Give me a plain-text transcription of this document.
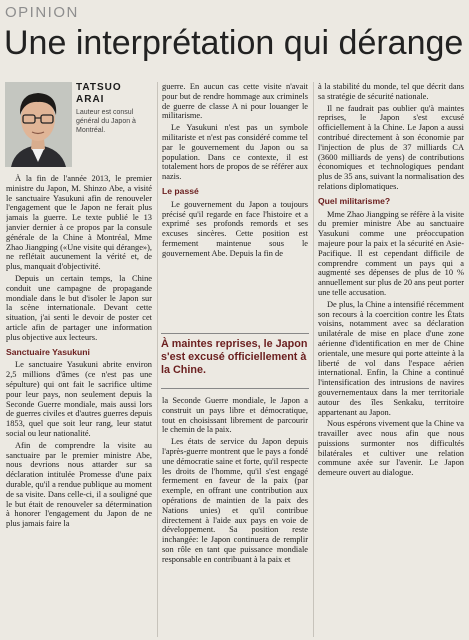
OPINION
Une interprétation qui dérange
TATSUO
ARAI
Lauteur est consul général du Japon à Montréal.

À la fin de l'année 2013, le premier ministre du Japon, M. Shinzo Abe, a visité le sanctuaire Yasukuni afin de renouveler l'engagement que le Japon ne ferait plus jamais la guerre. Le texte publié le 13 janvier dernier à ce propos par la consule générale de la Chine à Montréal, Mme Zhao Jiangping («Une visite qui dérange»), ne reflétait aucunement la vérité et, de plus, manquait d'objectivité.

Depuis un certain temps, la Chine conduit une campagne de propagande mondiale dans le but d'isoler le Japon sur la scène internationale. Devant cette situation, j'ai senti le devoir de poster cet article afin de partager une information plus objective aux lecteurs.

Sanctuaire Yasukuni

Le sanctuaire Yasukuni abrite environ 2,5 millions d'âmes (ce n'est pas une sépulture) qui ont fait le sacrifice ultime pour leur pays, non seulement depuis la Seconde Guerre mondiale, mais aussi lors de guerres civiles et d'autres guerres depuis 1853, quel que soit leur rang, leur statut social ou leur nationalité.

Afin de comprendre la visite au sanctuaire par le premier ministre Abe, nous devrions nous attarder sur sa déclaration intitulée Promesse d'une paix durable, qu'il a rendue publique au moment de sa visite. Dans celle-ci, il a souligné que le but était de renouveler sa détermination à honorer l'engagement du Japon de ne plus jamais faire la

guerre. En aucun cas cette visite n'avait pour but de rendre hommage aux criminels de guerre de classe A ni pour louanger le militarisme.

Le Yasukuni n'est pas un symbole militariste et n'est pas considéré comme tel par le gouvernement du Japon ou sa population. Dans ce contexte, il est totalement hors de propos de se référer aux nazis.

Le passé

Le gouvernement du Japon a toujours précisé qu'il regarde en face l'histoire et a exprimé ses profonds remords et ses excuses sincères. Cette position est fermement maintenue sous le gouvernement Abe. Depuis la fin de

À maintes reprises, le Japon s'est excusé officiellement à la Chine.

la Seconde Guerre mondiale, le Japon a construit un pays libre et démocratique, tout en choisissant librement de parcourir le chemin de la paix.

Les états de service du Japon depuis l'après-guerre montrent que le pays a fondé une démocratie saine et forte, qu'il respecte les droits de l'homme, qu'il s'est engagé fermement en faveur de la paix (par exemple, en offrant une contribution aux opérations de maintien de la paix des Nations unies) et qu'il contribue directement à l'aide aux pays en voie de développement. Sa position reste inchangée: le Japon continuera de remplir son rôle en tant que puissance mondiale responsable en contribuant à la paix et

à la stabilité du monde, tel que décrit dans sa stratégie de sécurité nationale.

Il ne faudrait pas oublier qu'à maintes reprises, le Japon s'est excusé officiellement à la Chine. Le Japon a aussi contribué directement à son économie par l'injection de plus de 37 milliards CA (3600 milliards de yens) de contributions économiques et technologiques pendant plus de 35 ans, suivant la normalisation des relations diplomatiques.

Quel militarisme?

Mme Zhao Jiangping se réfère à la visite du premier ministre Abe au sanctuaire Yasukuni comme une préoccupation majeure pour la paix et la sécurité en Asie-Pacifique. Il est cependant difficile de comprendre comment un pays qui a augmenté ses dépenses de plus de 10 % annuellement sur plus de 20 ans peut porter une telle accusation.

De plus, la Chine a intensifié récemment son recours à la coercition contre les États voisins, notamment avec sa déclaration unilatérale de mise en place d'une zone aérienne d'identification en mer de Chine orientale, une mesure qui porte atteinte à la liberté de vol dans l'espace aérien international. Enfin, la Chine a continué l'intensification des intrusions de navires gouvernementaux dans la mer territoriale autour des îles Senkaku, territoire appartenant au Japon.

Nous espérons vivement que la Chine va travailler avec nous afin que nous puissions surmonter nos difficultés bilatérales et cultiver une relation commune axée sur l'avenir. Le Japon demeure ouvert au dialogue.
